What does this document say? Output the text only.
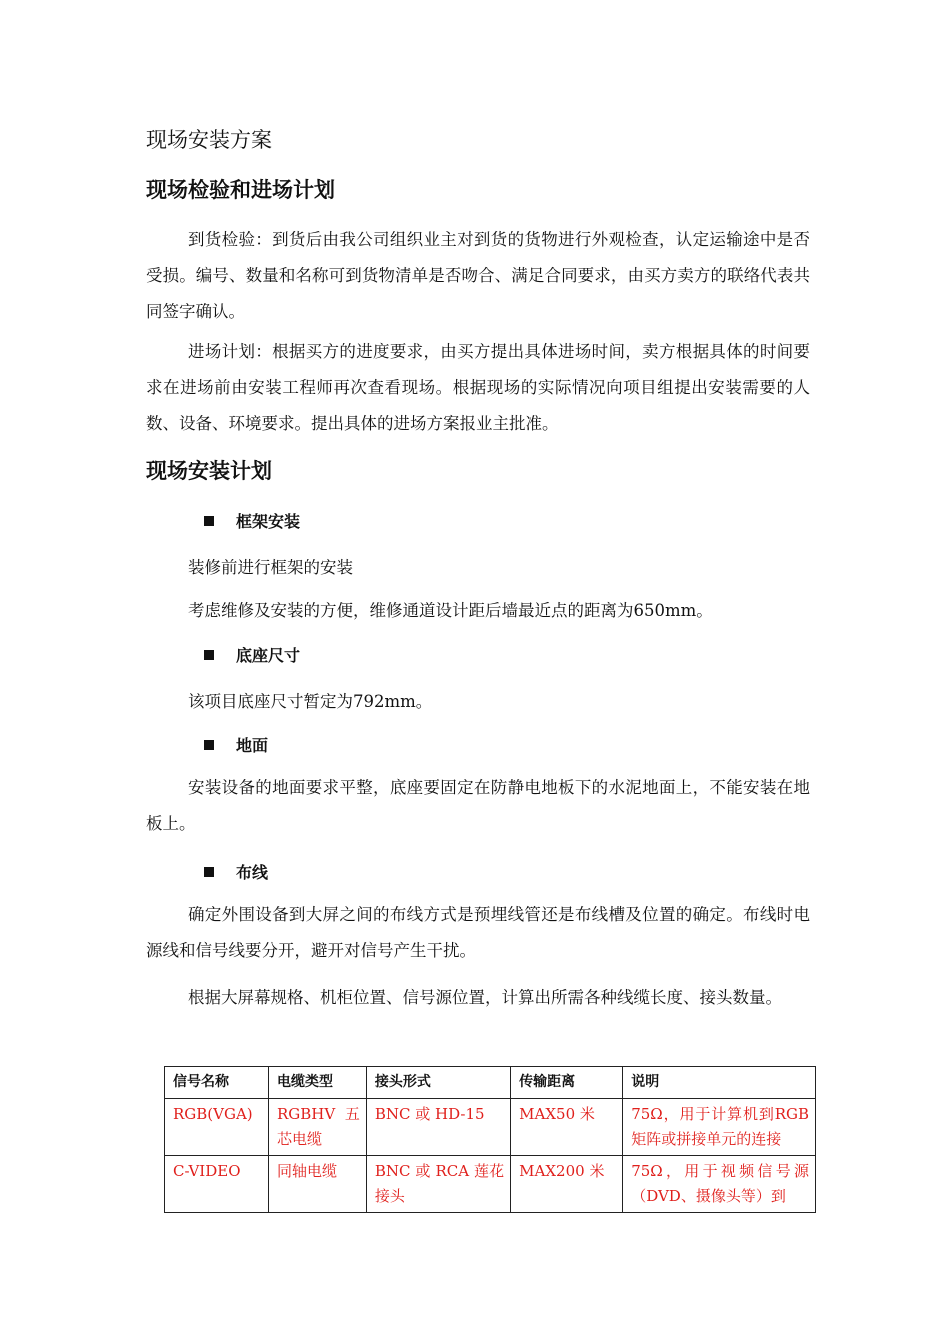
现场安装方案
现场检验和进场计划

到货检验：到货后由我公司组织业主对到货的货物进行外观检查，认定运输途中是否受损。编号、数量和名称可到货物清单是否吻合、满足合同要求，由买方卖方的联络代表共同签字确认。

进场计划：根据买方的进度要求，由买方提出具体进场时间，卖方根据具体的时间要求在进场前由安装工程师再次查看现场。根据现场的实际情况向项目组提出安装需要的人数、设备、环境要求。提出具体的进场方案报业主批准。

现场安装计划
框架安装
装修前进行框架的安装
考虑维修及安装的方便，维修通道设计距后墙最近点的距离为650mm。
底座尺寸
该项目底座尺寸暂定为792mm。
地面

安装设备的地面要求平整，底座要固定在防静电地板下的水泥地面上，不能安装在地板上。

布线

确定外围设备到大屏之间的布线方式是预埋线管还是布线槽及位置的确定。布线时电源线和信号线要分开，避开对信号产生干扰。

根据大屏幕规格、机柜位置、信号源位置，计算出所需各种线缆长度、接头数量。

信号名称	电缆类型	接头形式	传输距离	说明
RGB(VGA)	RGBHV 五芯电缆	BNC 或 HD-15	MAX50 米	75Ω，用于计算机到RGB矩阵或拼接单元的连接
C-VIDEO	同轴电缆	BNC 或 RCA 莲花接头	MAX200 米	75Ω，用于视频信号源（DVD、摄像头等）到
